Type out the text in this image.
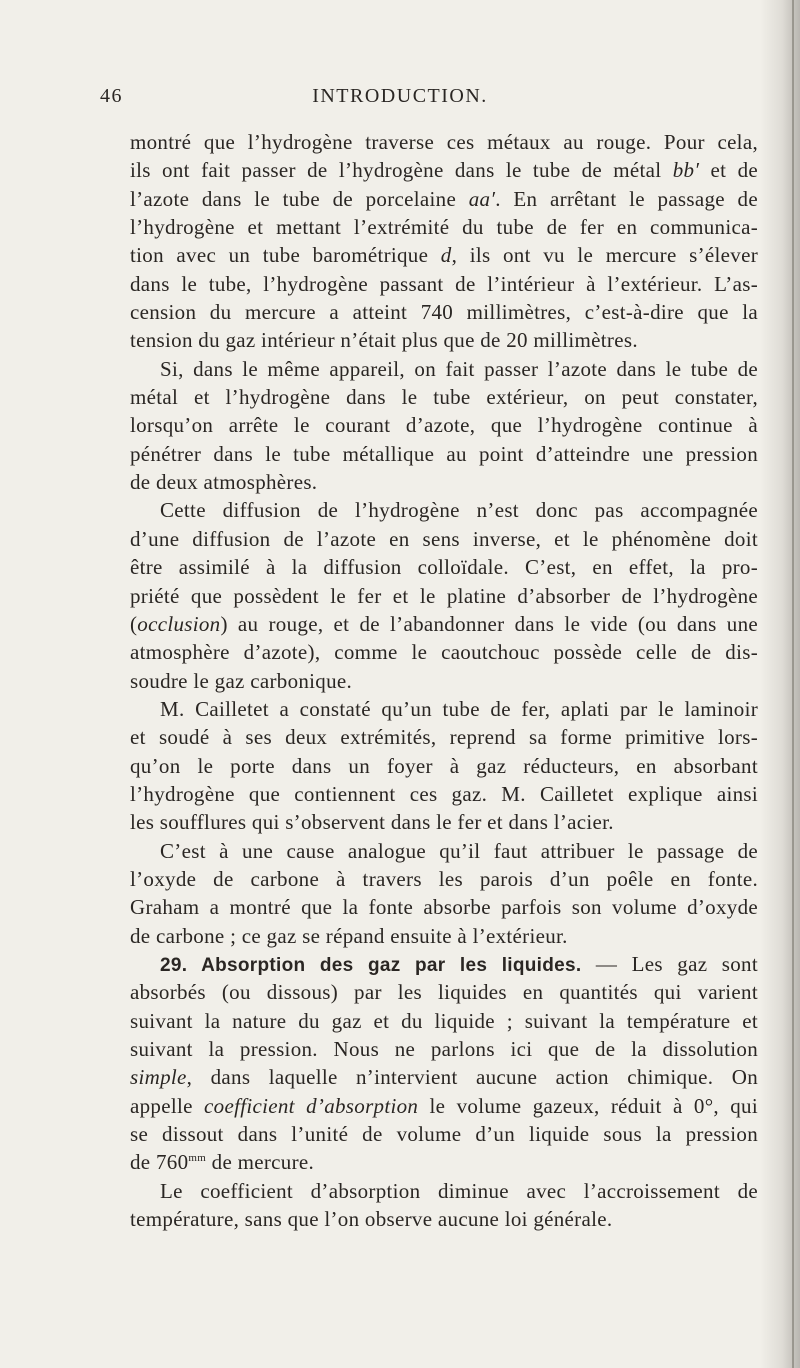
46	INTRODUCTION.
montré que l’hydrogène traverse ces métaux au rouge. Pour cela,
ils ont fait passer de l’hydrogène dans le tube de métal bb′ et de
l’azote dans le tube de porcelaine aa′. En arrêtant le passage de
l’hydrogène et mettant l’extrémité du tube de fer en communica-
tion avec un tube barométrique d, ils ont vu le mercure s’élever
dans le tube, l’hydrogène passant de l’intérieur à l’extérieur. L’as-
cension du mercure a atteint 740 millimètres, c’est-à-dire que la
tension du gaz intérieur n’était plus que de 20 millimètres.
Si, dans le même appareil, on fait passer l’azote dans le tube de
métal et l’hydrogène dans le tube extérieur, on peut constater,
lorsqu’on arrête le courant d’azote, que l’hydrogène continue à
pénétrer dans le tube métallique au point d’atteindre une pression
de deux atmosphères.
Cette diffusion de l’hydrogène n’est donc pas accompagnée
d’une diffusion de l’azote en sens inverse, et le phénomène doit
être assimilé à la diffusion colloïdale. C’est, en effet, la pro-
priété que possèdent le fer et le platine d’absorber de l’hydrogène
(occlusion) au rouge, et de l’abandonner dans le vide (ou dans une
atmosphère d’azote), comme le caoutchouc possède celle de dis-
soudre le gaz carbonique.
M. Cailletet a constaté qu’un tube de fer, aplati par le laminoir
et soudé à ses deux extrémités, reprend sa forme primitive lors-
qu’on le porte dans un foyer à gaz réducteurs, en absorbant
l’hydrogène que contiennent ces gaz. M. Cailletet explique ainsi
les soufflures qui s’observent dans le fer et dans l’acier.
C’est à une cause analogue qu’il faut attribuer le passage de
l’oxyde de carbone à travers les parois d’un poêle en fonte.
Graham a montré que la fonte absorbe parfois son volume d’oxyde
de carbone ; ce gaz se répand ensuite à l’extérieur.
29. Absorption des gaz par les liquides. — Les gaz sont
absorbés (ou dissous) par les liquides en quantités qui varient
suivant la nature du gaz et du liquide ; suivant la température et
suivant la pression. Nous ne parlons ici que de la dissolution
simple, dans laquelle n’intervient aucune action chimique. On
appelle coefficient d’absorption le volume gazeux, réduit à 0°, qui
se dissout dans l’unité de volume d’un liquide sous la pression
de $760^{mm}$ de mercure.
Le coefficient d’absorption diminue avec l’accroissement de
température, sans que l’on observe aucune loi générale.
